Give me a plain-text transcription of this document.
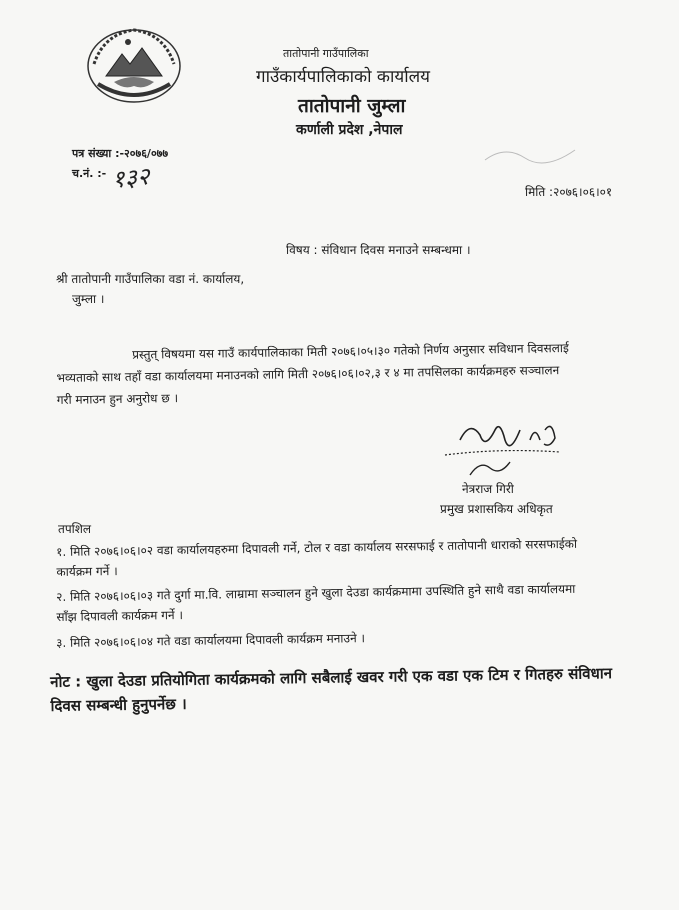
तातोपानी गाउँपालिका
गाउँकार्यपालिकाको कार्यालय
तातोपानी जुम्ला
कर्णाली प्रदेश ,नेपाल
पत्र संख्या :-२०७६/०७७
च.नं. :- १३२	मिति :२०७६।०६।०१
विषय : संविधान दिवस मनाउने सम्बन्धमा ।
श्री तातोपानी गाउँपालिका वडा नं. कार्यालय,
जुम्ला ।
प्रस्तुत् विषयमा यस गाउँ कार्यपालिकाका मिती २०७६।०५।३० गतेको निर्णय अनुसार सविधान दिवसलाई भव्यताको साथ तहाँ वडा कार्यालयमा मनाउनको लागि मिती २०७६।०६।०२,३ र ४ मा तपसिलका कार्यक्रमहरु सञ्चालन गरी मनाउन हुन अनुरोध छ ।
नेत्रराज गिरी
प्रमुख प्रशासकिय अधिकृत
तपशिल
१. मिति २०७६।०६।०२ वडा कार्यालयहरुमा दिपावली गर्ने, टोल र वडा कार्यालय सरसफाई र तातोपानी धाराको सरसफाईको कार्यक्रम गर्ने ।
२. मिति २०७६।०६।०३ गते दुर्गा मा.वि. लाम्रामा सञ्चालन हुने खुला देउडा कार्यक्रमामा उपस्थिति हुने साथै वडा कार्यालयमा साँझ दिपावली कार्यक्रम गर्ने ।
३. मिति २०७६।०६।०४ गते वडा कार्यालयमा दिपावली कार्यक्रम मनाउने ।
नोट : खुला देउडा प्रतियोगिता कार्यक्रमको लागि सबैलाई खवर गरी एक वडा एक टिम र गितहरु संविधान दिवस सम्बन्धी हुनुपर्नेछ ।
